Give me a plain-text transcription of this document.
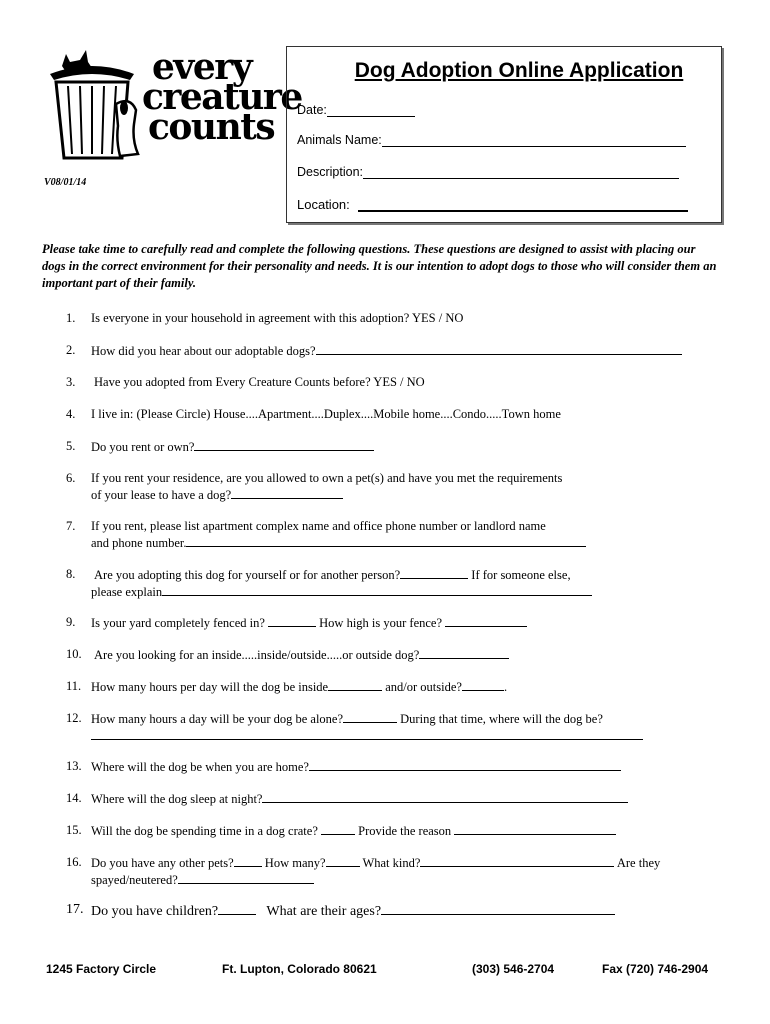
every
creature
counts
V08/01/14
Dog Adoption Online Application
Date:
Animals Name:
Description:
Location:
Please take time to carefully read and complete the following questions. These questions are designed to assist with placing our dogs in the correct environment for their personality and needs. It is our intention to adopt dogs to those who will consider them an important part of their family.
1. Is everyone in your household in agreement with this adoption? YES / NO
2. How did you hear about our adoptable dogs?
3. Have you adopted from Every Creature Counts before? YES / NO
4. I live in: (Please Circle) House....Apartment....Duplex....Mobile home....Condo.....Town home
5. Do you rent or own?
6. If you rent your residence, are you allowed to own a pet(s) and have you met the requirements
of your lease to have a dog?
7. If you rent, please list apartment complex name and office phone number or landlord name
and phone number.
8. Are you adopting this dog for yourself or for another person?	If for someone else,
please explain
9. Is your yard completely fenced in?	How high is your fence?
10. Are you looking for an inside.....inside/outside.....or outside dog?
11. How many hours per day will the dog be inside	and/or outside?	.
12. How many hours a day will be your dog be alone?	During that time, where will the dog be?
13. Where will the dog be when you are home?
14. Where will the dog sleep at night?
15. Will the dog be spending time in a dog crate?	Provide the reason
16. Do you have any other pets? How many?	What kind?	Are they
spayed/neutered?
17. Do you have children?	What are their ages?
1245 Factory Circle	Ft. Lupton, Colorado 80621	(303) 546-2704	Fax (720) 746-2904
